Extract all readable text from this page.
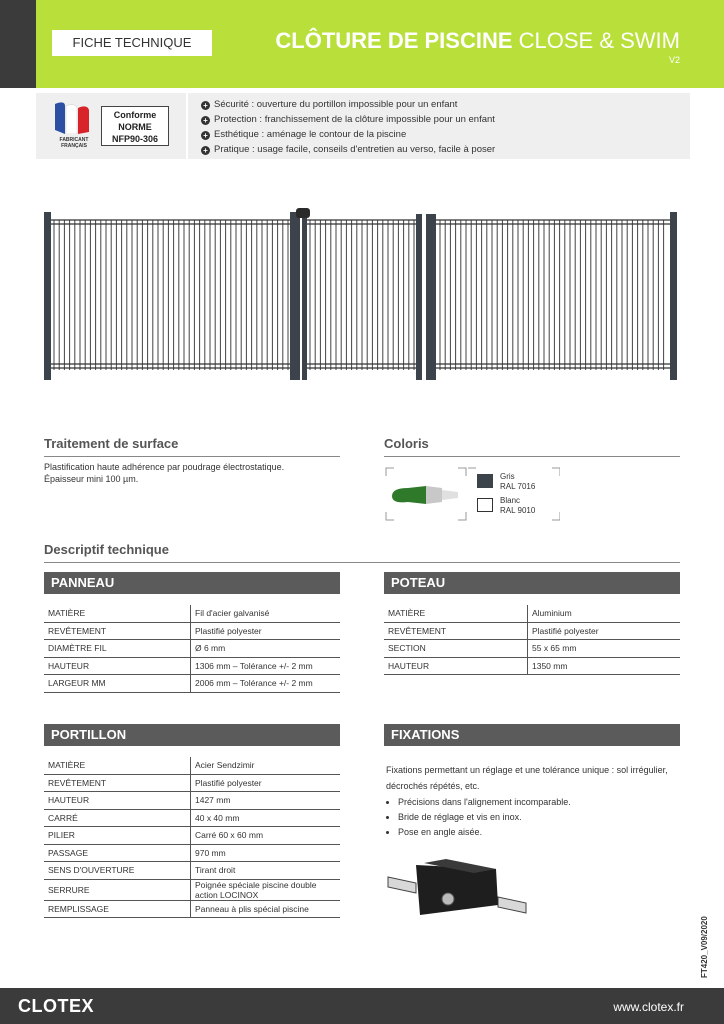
FICHE TECHNIQUE	CLÔTURE DE PISCINE CLOSE & SWIM
V2
FABRICANT FRANÇAIS
Conforme
NORME
NFP90-306
+ Sécurité : ouverture du portillon impossible pour un enfant
+ Protection : franchissement de la clôture impossible pour un enfant
+ Esthétique : aménage le contour de la piscine
+ Pratique : usage facile, conseils d'entretien au verso, facile à poser
Traitement de surface
Plastification haute adhérence par poudrage électrostatique.
Épaisseur mini 100 µm.
Coloris
Gris
RAL 7016
Blanc
RAL 9010
Descriptif technique
PANNEAU
MATIÈRE	Fil d'acier galvanisé
REVÊTEMENT	Plastifié polyester
DIAMÈTRE FIL	Ø 6 mm
HAUTEUR	1306 mm – Tolérance +/- 2 mm
LARGEUR MM	2006 mm – Tolérance +/- 2 mm
POTEAU
MATIÈRE	Aluminium
REVÊTEMENT	Plastifié polyester
SECTION	55 x 65 mm
HAUTEUR	1350 mm
PORTILLON
MATIÈRE	Acier Sendzimir
REVÊTEMENT	Plastifié polyester
HAUTEUR	1427 mm
CARRÉ	40 x 40 mm
PILIER	Carré 60 x 60 mm
PASSAGE	970 mm
SENS D'OUVERTURE	Tirant droit
SERRURE	Poignée spéciale piscine double action LOCINOX
REMPLISSAGE	Panneau à plis spécial piscine
FIXATIONS
Fixations permettant un réglage et une tolérance unique : sol irrégulier, décrochés répétés, etc.
• Précisions dans l'alignement incomparable.
• Bride de réglage et vis en inox.
• Pose en angle aisée.
FT420_V09/2020
CLOTEX	www.clotex.fr
